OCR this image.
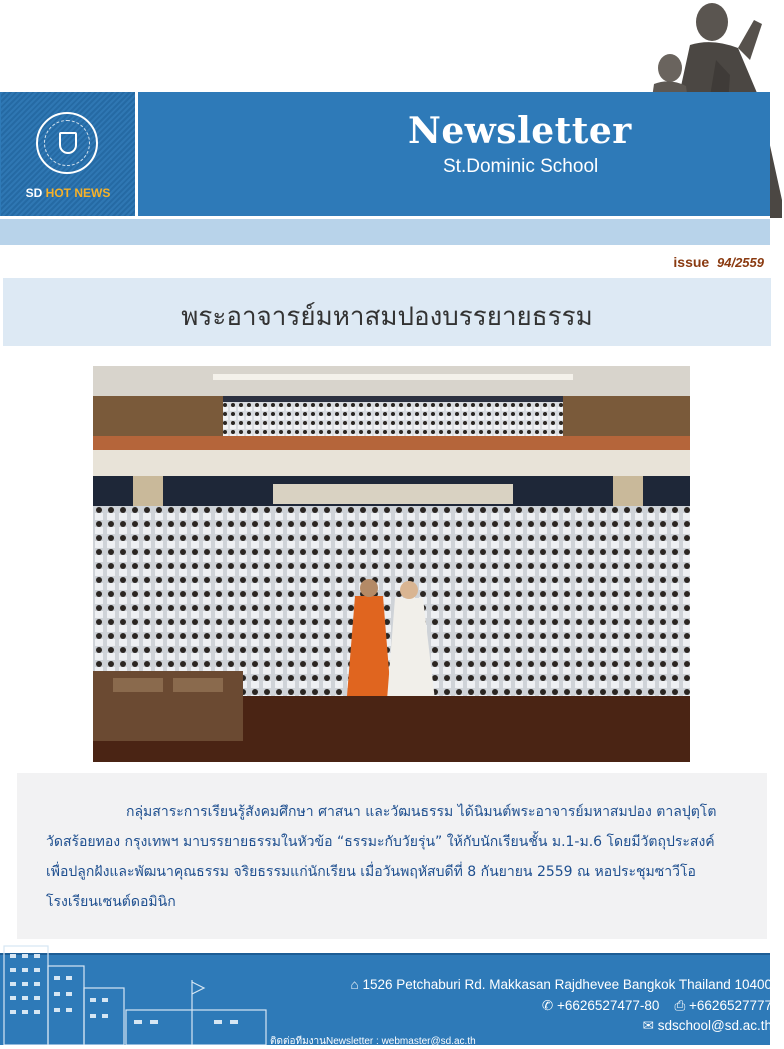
SD HOT NEWS
Newsletter
St.Dominic School
issue 94/2559
พระอาจารย์มหาสมปองบรรยายธรรม
กลุ่มสาระการเรียนรู้สังคมศึกษา ศาสนา และวัฒนธรรม ได้นิมนต์พระอาจารย์มหาสมปอง ตาลปุตฺโต วัดสร้อยทอง กรุงเทพฯ มาบรรยายธรรมในหัวข้อ “ธรรมะกับวัยรุ่น” ให้กับนักเรียนชั้น ม.1-ม.6 โดยมีวัตถุประสงค์ เพื่อปลูกฝังและพัฒนาคุณธรรม จริยธรรมแก่นักเรียน เมื่อวันพฤหัสบดีที่ 8 กันยายน 2559 ณ หอประชุมซาวีโอ โรงเรียนเซนต์ดอมินิก
⌂ 1526 Petchaburi Rd. Makkasan Rajdhevee Bangkok Thailand 10400
✆ +6626527477-80 ⎙ +6626527777
✉ sdschool@sd.ac.th
ติดต่อทีมงานNewsletter : webmaster@sd.ac.th
